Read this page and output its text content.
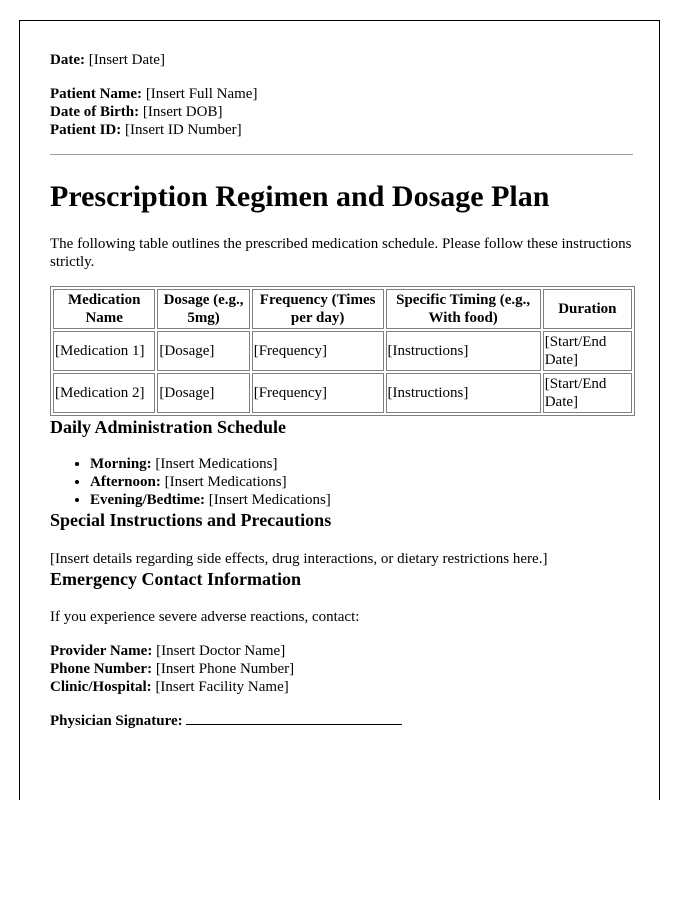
Date: [Insert Date]

Patient Name: [Insert Full Name]

Date of Birth: [Insert DOB]

Patient ID: [Insert ID Number]

Prescription Regimen and Dosage Plan

The following table outlines the prescribed medication schedule. Please follow these instructions strictly.

Medication Name	Dosage (e.g., 5mg)	Frequency (Times per day)	Specific Timing (e.g., With food)	Duration
[Medication 1]	[Dosage]	[Frequency]	[Instructions]	[Start/End Date]
[Medication 2]	[Dosage]	[Frequency]	[Instructions]	[Start/End Date]
Daily Administration Schedule
• Morning: [Insert Medications]
• Afternoon: [Insert Medications]
• Evening/Bedtime: [Insert Medications]
Special Instructions and Precautions

[Insert details regarding side effects, drug interactions, or dietary restrictions here.]

Emergency Contact Information

If you experience severe adverse reactions, contact:

Provider Name: [Insert Doctor Name]

Phone Number: [Insert Phone Number]

Clinic/Hospital: [Insert Facility Name]

Physician Signature:
